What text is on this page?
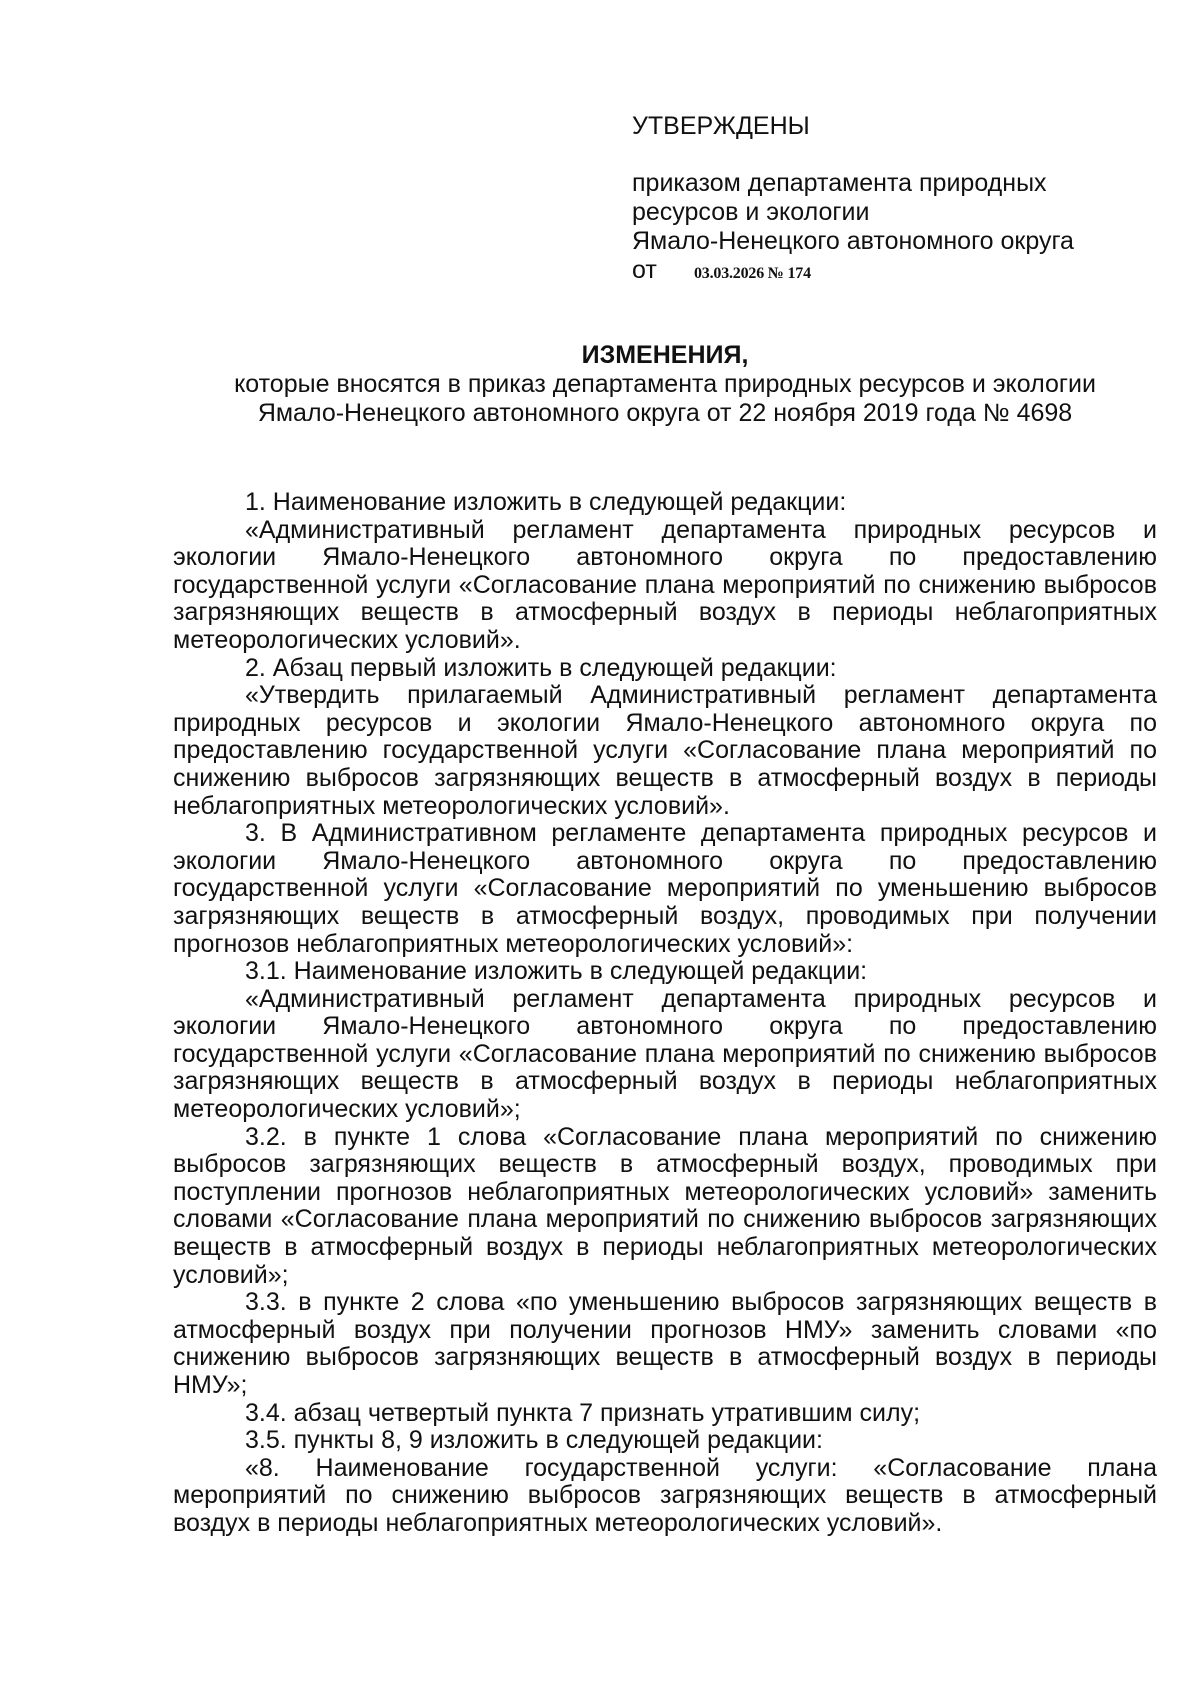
УТВЕРЖДЕНЫ

приказом департамента природных

ресурсов и экологии

Ямало-Ненецкого автономного округа

от 03.03.2026 № 174

ИЗМЕНЕНИЯ,

которые вносятся в приказ департамента природных ресурсов и экологии

Ямало-Ненецкого автономного округа от 22 ноября 2019 года № 4698

1. Наименование изложить в следующей редакции:

«Административный регламент департамента природных ресурсов и экологии Ямало-Ненецкого автономного округа по предоставлению государственной услуги «Согласование плана мероприятий по снижению выбросов загрязняющих веществ в атмосферный воздух в периоды неблагоприятных метеорологических условий».

2. Абзац первый изложить в следующей редакции:

«Утвердить прилагаемый Административный регламент департамента природных ресурсов и экологии Ямало-Ненецкого автономного округа по предоставлению государственной услуги «Согласование плана мероприятий по снижению выбросов загрязняющих веществ в атмосферный воздух в периоды неблагоприятных метеорологических условий».

3. В Административном регламенте департамента природных ресурсов и экологии Ямало-Ненецкого автономного округа по предоставлению государственной услуги «Согласование мероприятий по уменьшению выбросов загрязняющих веществ в атмосферный воздух, проводимых при получении прогнозов неблагоприятных метеорологических условий»:

3.1. Наименование изложить в следующей редакции:

«Административный регламент департамента природных ресурсов и экологии Ямало-Ненецкого автономного округа по предоставлению государственной услуги «Согласование плана мероприятий по снижению выбросов загрязняющих веществ в атмосферный воздух в периоды неблагоприятных метеорологических условий»;

3.2. в пункте 1 слова «Согласование плана мероприятий по снижению выбросов загрязняющих веществ в атмосферный воздух, проводимых при поступлении прогнозов неблагоприятных метеорологических условий» заменить словами «Согласование плана мероприятий по снижению выбросов загрязняющих веществ в атмосферный воздух в периоды неблагоприятных метеорологических условий»;

3.3. в пункте 2 слова «по уменьшению выбросов загрязняющих веществ в атмосферный воздух при получении прогнозов НМУ» заменить словами «по снижению выбросов загрязняющих веществ в атмосферный воздух в периоды НМУ»;

3.4. абзац четвертый пункта 7 признать утратившим силу;

3.5. пункты 8, 9 изложить в следующей редакции:

«8. Наименование государственной услуги: «Согласование плана мероприятий по снижению выбросов загрязняющих веществ в атмосферный воздух в периоды неблагоприятных метеорологических условий».
